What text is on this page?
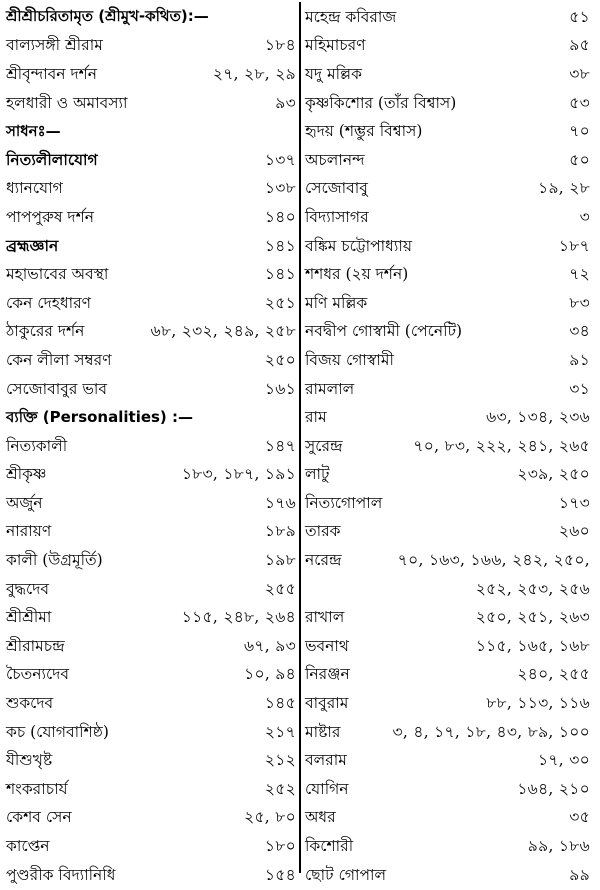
শ্রীশ্রীচরিতামৃত (শ্রীমুখ-কথিত):—
বাল্যসঙ্গী শ্রীরাম	১৮৪
শ্রীবৃন্দাবন দর্শন	২৭, ২৮, ২৯
হলধারী ও অমাবস্যা	৯৩
সাধনঃ—
নিত্যলীলাযোগ	১৩৭
ধ্যানযোগ	১৩৮
পাপপুরুষ দর্শন	১৪০
ব্রহ্মজ্ঞান	১৪১
মহাভাবের অবস্থা	১৪১
কেন দেহধারণ	২৫১
ঠাকুরের দর্শন	৬৮, ২৩২, ২৪৯, ২৫৮
কেন লীলা সম্বরণ	২৫০
সেজোবাবুর ভাব	১৬১
ব্যক্তি (Personalities) :—
নিত্যকালী	১৪৭
শ্রীকৃষ্ণ	১৮৩, ১৮৭, ১৯১
অর্জুন	১৭৬
নারায়ণ	১৮৯
কালী (উগ্রমূর্তি)	১৯৮
বুদ্ধদেব	২৫৫
শ্রীশ্রীমা	১১৫, ২৪৮, ২৬৪
শ্রীরামচন্দ্র	৬৭, ৯৩
চৈতন্যদেব	১০, ৯৪
শুকদেব	১৪৫
কচ (যোগবাশিষ্ঠ)	২১৭
যীশুখৃষ্ট	২১২
শংকরাচার্য	২৫২
কেশব সেন	২৫, ৮০
কাপ্তেন	১৮০
পুণ্ডরীক বিদ্যানিধি	১৫৪
মহেন্দ্র কবিরাজ	৫১
মহিমাচরণ	৯৫
যদু মল্লিক	৩৮
কৃষ্ণকিশোর (তাঁর বিশ্বাস)	৫৩
হৃদয় (শম্ভুর বিশ্বাস)	৭০
অচলানন্দ	৫০
সেজোবাবু	১৯, ২৮
বিদ্যাসাগর	৩
বঙ্কিম চট্টোপাধ্যায়	১৮৭
শশধর (২য় দর্শন)	৭২
মণি মল্লিক	৮৩
নবদ্বীপ গোস্বামী (পেনেটি)	৩৪
বিজয় গোস্বামী	৯১
রামলাল	৩১
রাম	৬৩, ১৩৪, ২৩৬
সুরেন্দ্র	৭০, ৮৩, ২২২, ২৪১, ২৬৫
লাটু	২৩৯, ২৫০
নিত্যগোপাল	১৭৩
তারক	২৬০
নরেন্দ্র	৭০, ১৬৩, ১৬৬, ২৪২, ২৫০,
২৫২, ২৫৩, ২৫৬
রাখাল	২৫০, ২৫১, ২৬৩
ভবনাথ	১১৫, ১৬৫, ১৬৮
নিরঞ্জন	২৪০, ২৫৫
বাবুরাম	৮৮, ১১৩, ১১৬
মাষ্টার	৩, ৪, ১৭, ১৮, ৪৩, ৮৯, ১০০
বলরাম	১৭, ৩০
যোগিন	১৬৪, ২১০
অধর	৩৫
কিশোরী	৯৯, ১৮৬
ছোট গোপাল	৯৯
